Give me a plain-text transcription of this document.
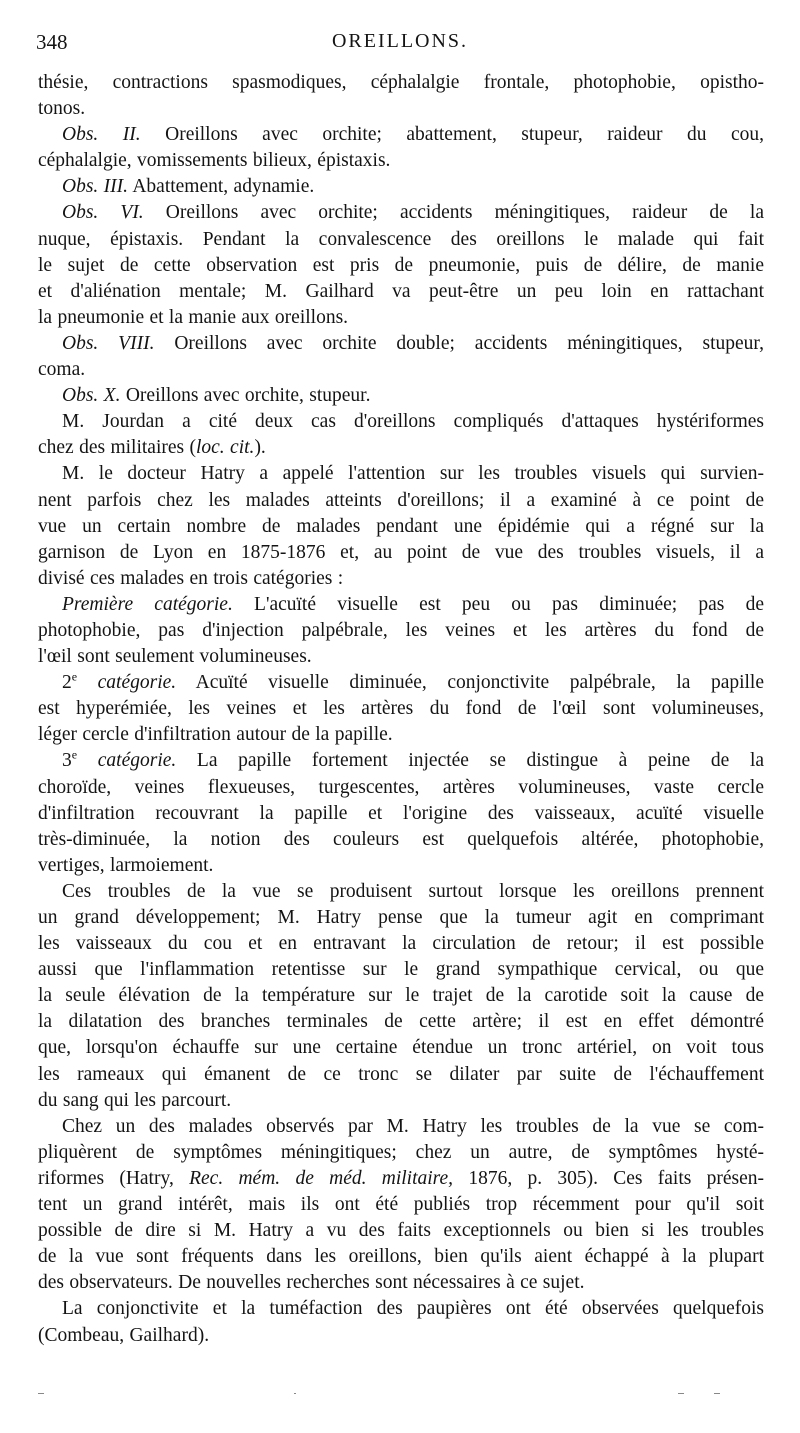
348	OREILLONS.

thésie, contractions spasmodiques, céphalalgie frontale, photophobie, opistho-

tonos.

Obs. II. Oreillons avec orchite; abattement, stupeur, raideur du cou,

céphalalgie, vomissements bilieux, épistaxis.

Obs. III. Abattement, adynamie.

Obs. VI. Oreillons avec orchite; accidents méningitiques, raideur de la

nuque, épistaxis. Pendant la convalescence des oreillons le malade qui fait

le sujet de cette observation est pris de pneumonie, puis de délire, de manie

et d'aliénation mentale; M. Gailhard va peut-être un peu loin en rattachant

la pneumonie et la manie aux oreillons.

Obs. VIII. Oreillons avec orchite double; accidents méningitiques, stupeur,

coma.

Obs. X. Oreillons avec orchite, stupeur.

M. Jourdan a cité deux cas d'oreillons compliqués d'attaques hystériformes

chez des militaires (loc. cit.).

M. le docteur Hatry a appelé l'attention sur les troubles visuels qui survien-

nent parfois chez les malades atteints d'oreillons; il a examiné à ce point de

vue un certain nombre de malades pendant une épidémie qui a régné sur la

garnison de Lyon en 1875-1876 et, au point de vue des troubles visuels, il a

divisé ces malades en trois catégories :

Première catégorie. L'acuïté visuelle est peu ou pas diminuée; pas de

photophobie, pas d'injection palpébrale, les veines et les artères du fond de

l'œil sont seulement volumineuses.

2e catégorie. Acuïté visuelle diminuée, conjonctivite palpébrale, la papille

est hyperémiée, les veines et les artères du fond de l'œil sont volumineuses,

léger cercle d'infiltration autour de la papille.

3e catégorie. La papille fortement injectée se distingue à peine de la

choroïde, veines flexueuses, turgescentes, artères volumineuses, vaste cercle

d'infiltration recouvrant la papille et l'origine des vaisseaux, acuïté visuelle

très-diminuée, la notion des couleurs est quelquefois altérée, photophobie,

vertiges, larmoiement.

Ces troubles de la vue se produisent surtout lorsque les oreillons prennent

un grand développement; M. Hatry pense que la tumeur agit en comprimant

les vaisseaux du cou et en entravant la circulation de retour; il est possible

aussi que l'inflammation retentisse sur le grand sympathique cervical, ou que

la seule élévation de la température sur le trajet de la carotide soit la cause de

la dilatation des branches terminales de cette artère; il est en effet démontré

que, lorsqu'on échauffe sur une certaine étendue un tronc artériel, on voit tous

les rameaux qui émanent de ce tronc se dilater par suite de l'échauffement

du sang qui les parcourt.

Chez un des malades observés par M. Hatry les troubles de la vue se com-

pliquèrent de symptômes méningitiques; chez un autre, de symptômes hysté-

riformes (Hatry, Rec. mém. de méd. militaire, 1876, p. 305). Ces faits présen-

tent un grand intérêt, mais ils ont été publiés trop récemment pour qu'il soit

possible de dire si M. Hatry a vu des faits exceptionnels ou bien si les troubles

de la vue sont fréquents dans les oreillons, bien qu'ils aient échappé à la plupart

des observateurs. De nouvelles recherches sont nécessaires à ce sujet.

La conjonctivite et la tuméfaction des paupières ont été observées quelquefois

(Combeau, Gailhard).
